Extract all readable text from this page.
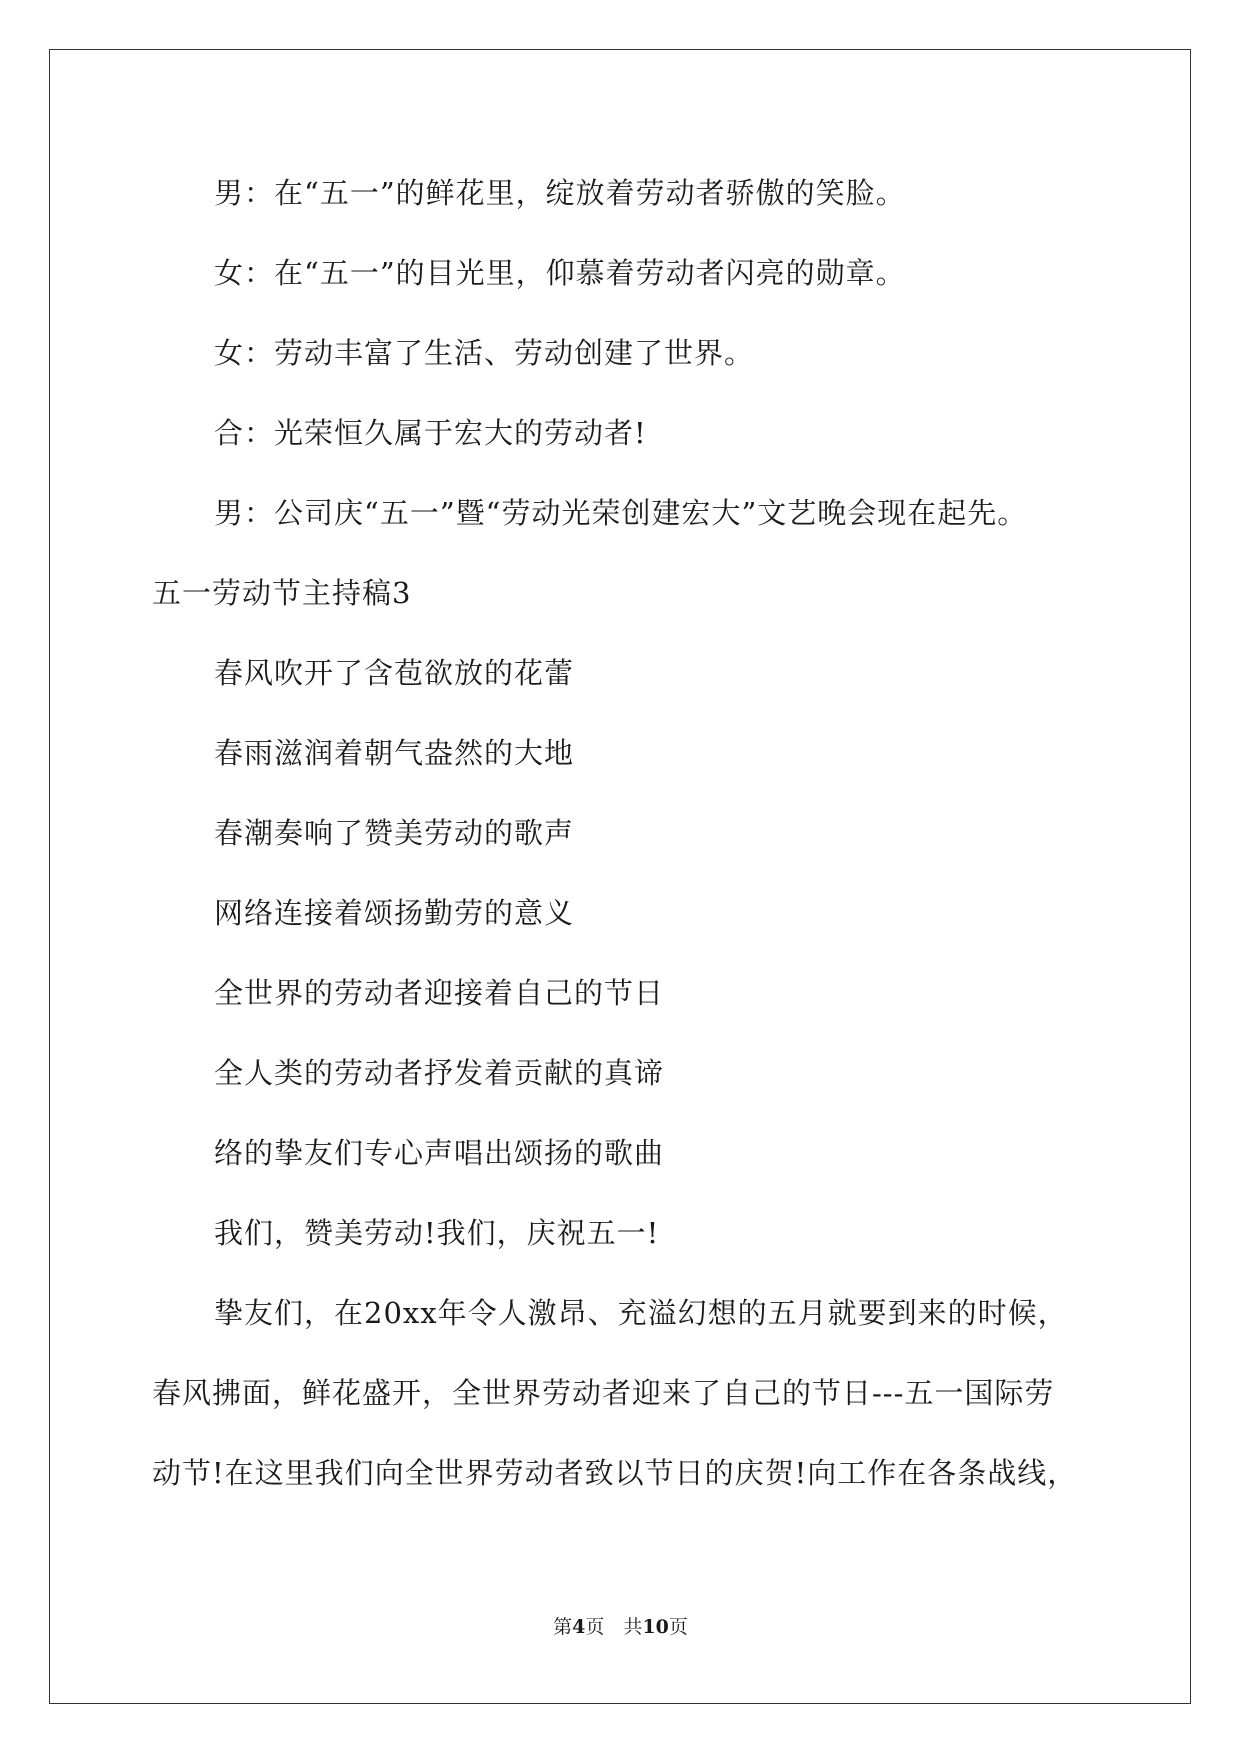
男：在“五一”的鲜花里，绽放着劳动者骄傲的笑脸。
女：在“五一”的目光里，仰慕着劳动者闪亮的勋章。
女：劳动丰富了生活、劳动创建了世界。
合：光荣恒久属于宏大的劳动者!
男：公司庆“五一”暨“劳动光荣创建宏大”文艺晚会现在起先。
五一劳动节主持稿3
春风吹开了含苞欲放的花蕾
春雨滋润着朝气盎然的大地
春潮奏响了赞美劳动的歌声
网络连接着颂扬勤劳的意义
全世界的劳动者迎接着自己的节日
全人类的劳动者抒发着贡献的真谛
络的挚友们专心声唱出颂扬的歌曲
我们，赞美劳动!我们，庆祝五一!
挚友们，在20xx年令人激昂、充溢幻想的五月就要到来的时候，
春风拂面，鲜花盛开，全世界劳动者迎来了自己的节日---五一国际劳
动节!在这里我们向全世界劳动者致以节日的庆贺!向工作在各条战线，
第4页　共10页
